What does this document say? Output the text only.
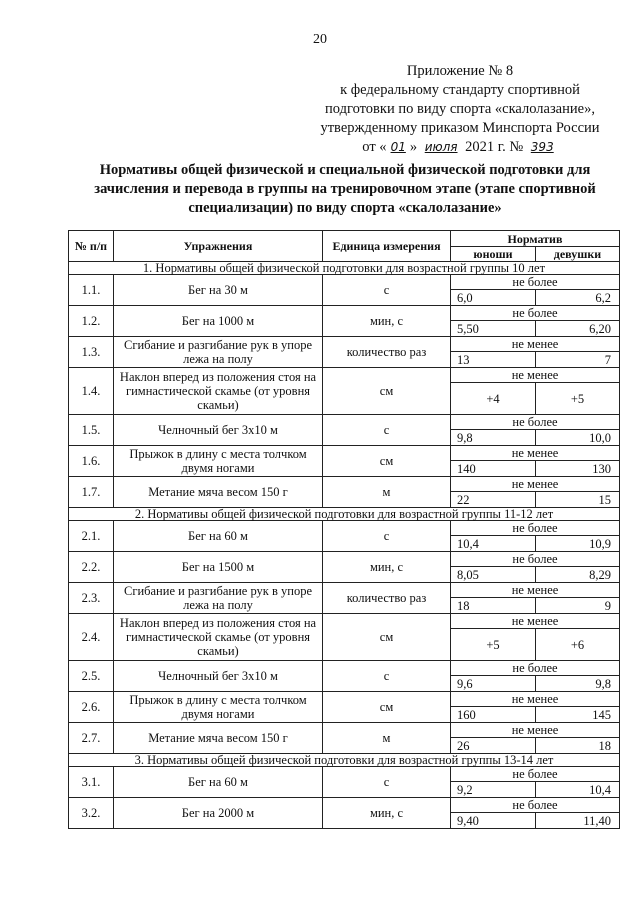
20
Приложение № 8
к федеральному стандарту спортивной
подготовки по виду спорта «скалолазание»,
утвержденному приказом Минспорта России
от « 01 » июля 2021 г. № 393
Нормативы общей физической и специальной физической подготовки для зачисления и перевода в группы на тренировочном этапе (этапе спортивной специализации) по виду спорта «скалолазание»
№ п/п	Упражнения	Единица измерения	Норматив	
			юноши	девушки
1. Нормативы общей физической подготовки для возрастной группы 10 лет				
1.1.	Бег на 30 м	с	не более	
			6,0	6,2
1.2.	Бег на 1000 м	мин, с	не более	
			5,50	6,20
1.3.	Сгибание и разгибание рук в упоре лежа на полу	количество раз	не менее	
			13	7
1.4.	Наклон вперед из положения стоя на гимнастической скамье (от уровня скамьи)	см	не менее	
			+4	+5
1.5.	Челночный бег 3х10 м	с	не более	
			9,8	10,0
1.6.	Прыжок в длину с места толчком двумя ногами	см	не менее	
			140	130
1.7.	Метание мяча весом 150 г	м	не менее	
			22	15
2. Нормативы общей физической подготовки для возрастной группы 11-12 лет				
2.1.	Бег на 60 м	с	не более	
			10,4	10,9
2.2.	Бег на 1500 м	мин, с	не более	
			8,05	8,29
2.3.	Сгибание и разгибание рук в упоре лежа на полу	количество раз	не менее	
			18	9
2.4.	Наклон вперед из положения стоя на гимнастической скамье (от уровня скамьи)	см	не менее	
			+5	+6
2.5.	Челночный бег 3х10 м	с	не более	
			9,6	9,8
2.6.	Прыжок в длину с места толчком двумя ногами	см	не менее	
			160	145
2.7.	Метание мяча весом 150 г	м	не менее	
			26	18
3. Нормативы общей физической подготовки для возрастной группы 13-14 лет				
3.1.	Бег на 60 м	с	не более	
			9,2	10,4
3.2.	Бег на 2000 м	мин, с	не более	
			9,40	11,40
